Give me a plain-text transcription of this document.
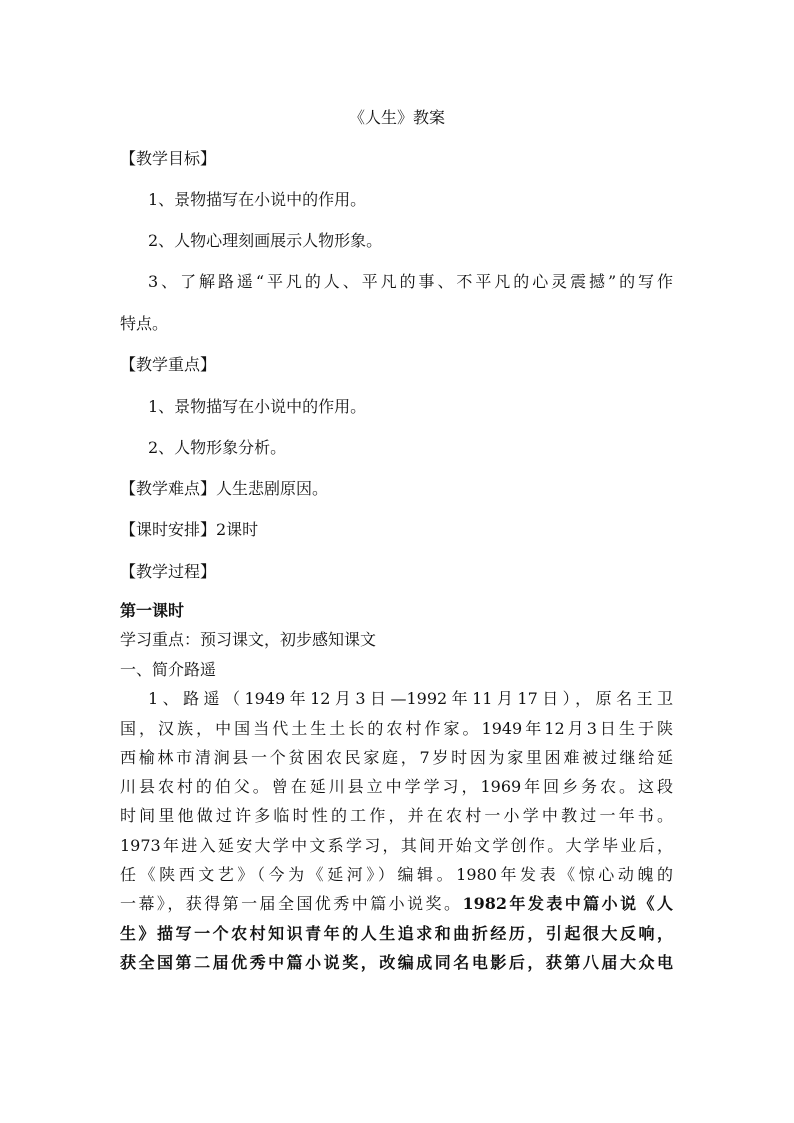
《人生》教案
【教学目标】
1、景物描写在小说中的作用。
2、人物心理刻画展示人物形象。
3、了解路遥“平凡的人、平凡的事、不平凡的心灵震撼”的写作
特点。
【教学重点】
1、景物描写在小说中的作用。
2、人物形象分析。
【教学难点】人生悲剧原因。
【课时安排】2课时
【教学过程】
第一课时
学习重点：预习课文，初步感知课文
一、简介路遥
1、路遥（1949年12月3日—1992年11月17日），原名王卫
国，汉族，中国当代土生土长的农村作家。1949年12月3日生于陕
西榆林市清涧县一个贫困农民家庭，7岁时因为家里困难被过继给延
川县农村的伯父。曾在延川县立中学学习，1969年回乡务农。这段
时间里他做过许多临时性的工作，并在农村一小学中教过一年书。
1973年进入延安大学中文系学习，其间开始文学创作。大学毕业后，
任《陕西文艺》（今为《延河》）编辑。1980年发表《惊心动魄的
一幕》，获得第一届全国优秀中篇小说奖。1982年发表中篇小说《人
生》描写一个农村知识青年的人生追求和曲折经历，引起很大反响，
获全国第二届优秀中篇小说奖，改编成同名电影后，获第八届大众电
